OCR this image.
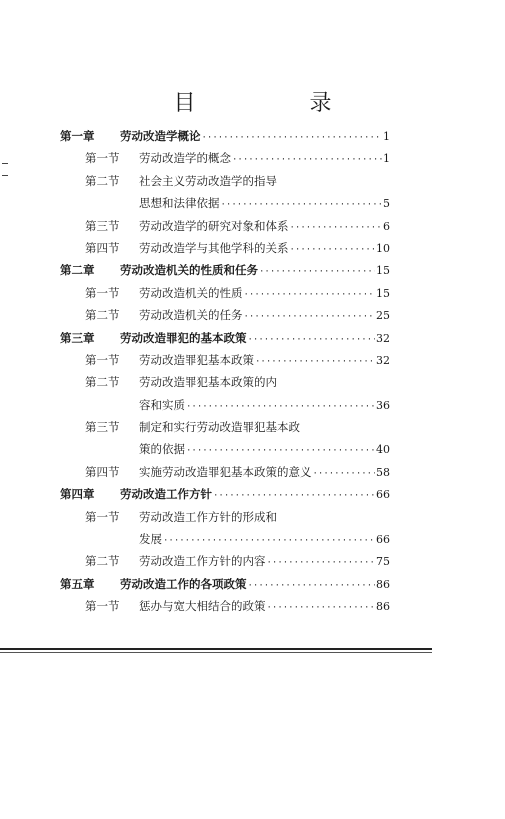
目　录
第一章	劳动改造学概论 ·····	1
第一节	劳动改造学的概念 ·····	1
第二节	社会主义劳动改造学的指导
思想和法律依据 ·····	5
第三节	劳动改造学的研究对象和体系 ·····	6
第四节	劳动改造学与其他学科的关系 ·····	10
第二章	劳动改造机关的性质和任务 ·····	15
第一节	劳动改造机关的性质 ·····	15
第二节	劳动改造机关的任务 ·····	25
第三章	劳动改造罪犯的基本政策 ·····	32
第一节	劳动改造罪犯基本政策 ·····	32
第二节	劳动改造罪犯基本政策的内
容和实质 ·····	36
第三节	制定和实行劳动改造罪犯基本政
策的依据 ·····	40
第四节	实施劳动改造罪犯基本政策的意义 ·····	58
第四章	劳动改造工作方针 ·····	66
第一节	劳动改造工作方针的形成和
发展 ·····	66
第二节	劳动改造工作方针的内容 ·····	75
第五章	劳动改造工作的各项政策 ·····	86
第一节	惩办与宽大相结合的政策 ·····	86
